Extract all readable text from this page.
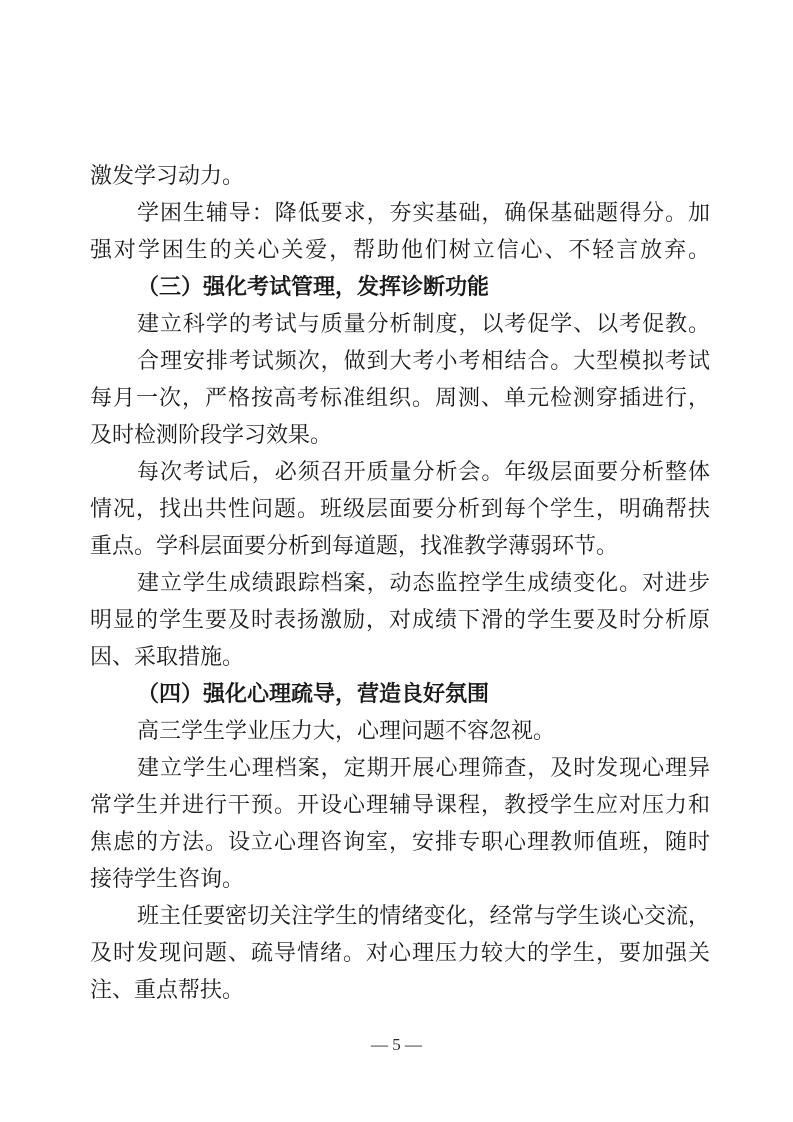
激发学习动力。
学困生辅导：降低要求，夯实基础，确保基础题得分。加
强对学困生的关心关爱，帮助他们树立信心、不轻言放弃。
（三）强化考试管理，发挥诊断功能
建立科学的考试与质量分析制度，以考促学、以考促教。
合理安排考试频次，做到大考小考相结合。大型模拟考试
每月一次，严格按高考标准组织。周测、单元检测穿插进行，
及时检测阶段学习效果。
每次考试后，必须召开质量分析会。年级层面要分析整体
情况，找出共性问题。班级层面要分析到每个学生，明确帮扶
重点。学科层面要分析到每道题，找准教学薄弱环节。
建立学生成绩跟踪档案，动态监控学生成绩变化。对进步
明显的学生要及时表扬激励，对成绩下滑的学生要及时分析原
因、采取措施。
（四）强化心理疏导，营造良好氛围
高三学生学业压力大，心理问题不容忽视。
建立学生心理档案，定期开展心理筛查，及时发现心理异
常学生并进行干预。开设心理辅导课程，教授学生应对压力和
焦虑的方法。设立心理咨询室，安排专职心理教师值班，随时
接待学生咨询。
班主任要密切关注学生的情绪变化，经常与学生谈心交流，
及时发现问题、疏导情绪。对心理压力较大的学生，要加强关
注、重点帮扶。
— 5 —
